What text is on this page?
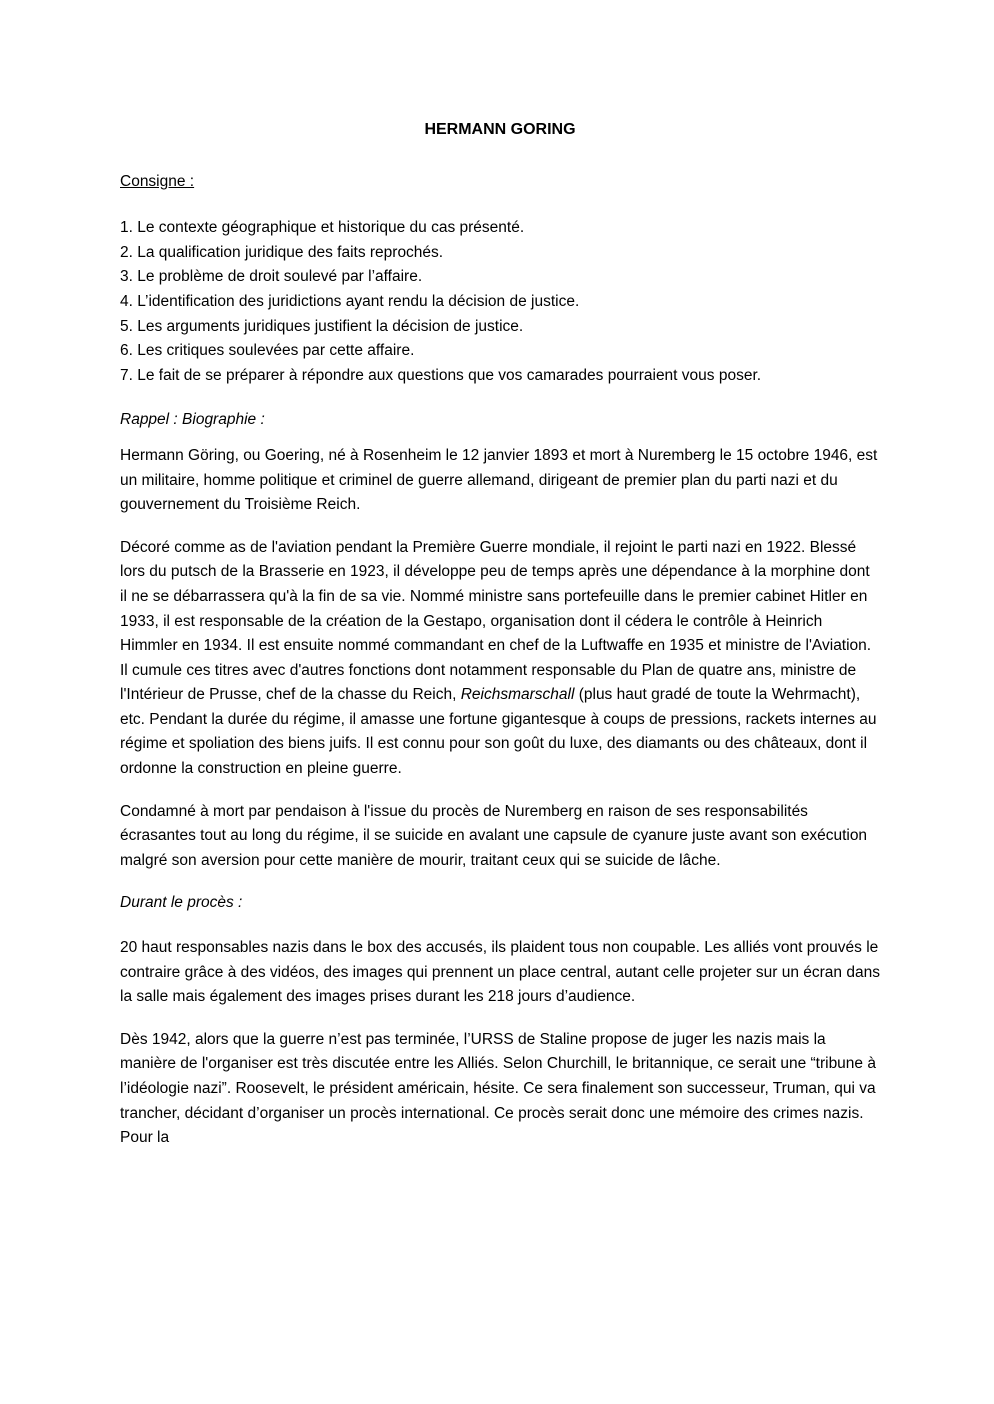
HERMANN GORING

Consigne :

1. Le contexte géographique et historique du cas présenté.
2. La qualification juridique des faits reprochés.
3. Le problème de droit soulevé par l’affaire.
4. L’identification des juridictions ayant rendu la décision de justice.
5. Les arguments juridiques justifient la décision de justice.
6. Les critiques soulevées par cette affaire.
7. Le fait de se préparer à répondre aux questions que vos camarades pourraient vous poser.

Rappel : Biographie :

Hermann Göring, ou Goering, né à Rosenheim le 12 janvier 1893 et mort à Nuremberg le 15 octobre 1946, est un militaire, homme politique et criminel de guerre allemand, dirigeant de premier plan du parti nazi et du gouvernement du Troisième Reich.

Décoré comme as de l'aviation pendant la Première Guerre mondiale, il rejoint le parti nazi en 1922. Blessé lors du putsch de la Brasserie en 1923, il développe peu de temps après une dépendance à la morphine dont il ne se débarrassera qu'à la fin de sa vie. Nommé ministre sans portefeuille dans le premier cabinet Hitler en 1933, il est responsable de la création de la Gestapo, organisation dont il cédera le contrôle à Heinrich Himmler en 1934. Il est ensuite nommé commandant en chef de la Luftwaffe en 1935 et ministre de l'Aviation. Il cumule ces titres avec d'autres fonctions dont notamment responsable du Plan de quatre ans, ministre de l'Intérieur de Prusse, chef de la chasse du Reich, Reichsmarschall (plus haut gradé de toute la Wehrmacht), etc. Pendant la durée du régime, il amasse une fortune gigantesque à coups de pressions, rackets internes au régime et spoliation des biens juifs. Il est connu pour son goût du luxe, des diamants ou des châteaux, dont il ordonne la construction en pleine guerre.

Condamné à mort par pendaison à l'issue du procès de Nuremberg en raison de ses responsabilités écrasantes tout au long du régime, il se suicide en avalant une capsule de cyanure juste avant son exécution malgré son aversion pour cette manière de mourir, traitant ceux qui se suicide de lâche.

Durant le procès :

20 haut responsables nazis dans le box des accusés, ils plaident tous non coupable. Les alliés vont prouvés le contraire grâce à des vidéos, des images qui prennent un place central, autant celle projeter sur un écran dans la salle mais également des images prises durant les 218 jours d’audience.

Dès 1942, alors que la guerre n’est pas terminée, l’URSS de Staline propose de juger les nazis mais la manière de l'organiser est très discutée entre les Alliés. Selon Churchill, le britannique, ce serait une “tribune à l’idéologie nazi”. Roosevelt, le président américain, hésite. Ce sera finalement son successeur, Truman, qui va trancher, décidant d’organiser un procès international. Ce procès serait donc une mémoire des crimes nazis. Pour la
